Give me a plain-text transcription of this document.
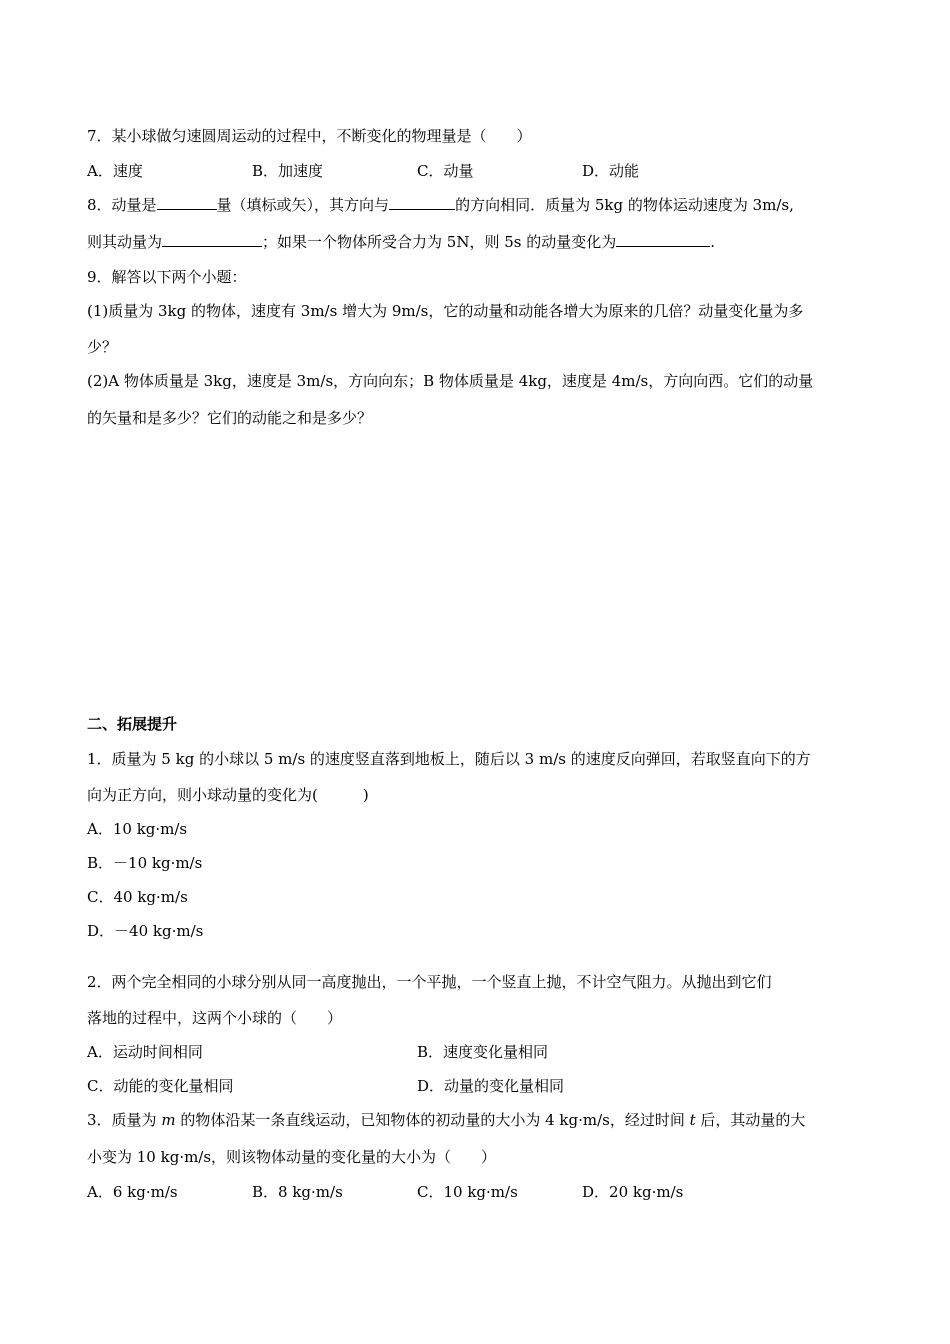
7．某小球做匀速圆周运动的过程中，不断变化的物理量是（　　）
A．速度	B．加速度	C．动量	D．动能
8．动量是	量（填标或矢），其方向与	的方向相同．质量为 5kg 的物体运动速度为 3m/s,
则其动量为	；如果一个物体所受合力为 5N，则 5s 的动量变化为	.
9．解答以下两个小题：
(1)质量为 3kg 的物体，速度有 3m/s 增大为 9m/s，它的动量和动能各增大为原来的几倍？动量变化量为多
少？
(2)A 物体质量是 3kg，速度是 3m/s，方向向东；B 物体质量是 4kg，速度是 4m/s，方向向西。它们的动量
的矢量和是多少？它们的动能之和是多少？
二、拓展提升
1．质量为 5 kg 的小球以 5 m/s 的速度竖直落到地板上，随后以 3 m/s 的速度反向弹回，若取竖直向下的方
向为正方向，则小球动量的变化为(　　　)
A．10 kg·m/s
B．－10 kg·m/s
C．40 kg·m/s
D．－40 kg·m/s
2．两个完全相同的小球分别从同一高度抛出，一个平抛，一个竖直上抛，不计空气阻力。从抛出到它们
落地的过程中，这两个小球的（　　）
A．运动时间相同	B．速度变化量相同
C．动能的变化量相同	D．动量的变化量相同
3．质量为 m 的物体沿某一条直线运动，已知物体的初动量的大小为 4 kg·m/s，经过时间 t 后，其动量的大
小变为 10 kg·m/s，则该物体动量的变化量的大小为（　　）
A．6 kg·m/s	B．8 kg·m/s	C．10 kg·m/s	D．20 kg·m/s
